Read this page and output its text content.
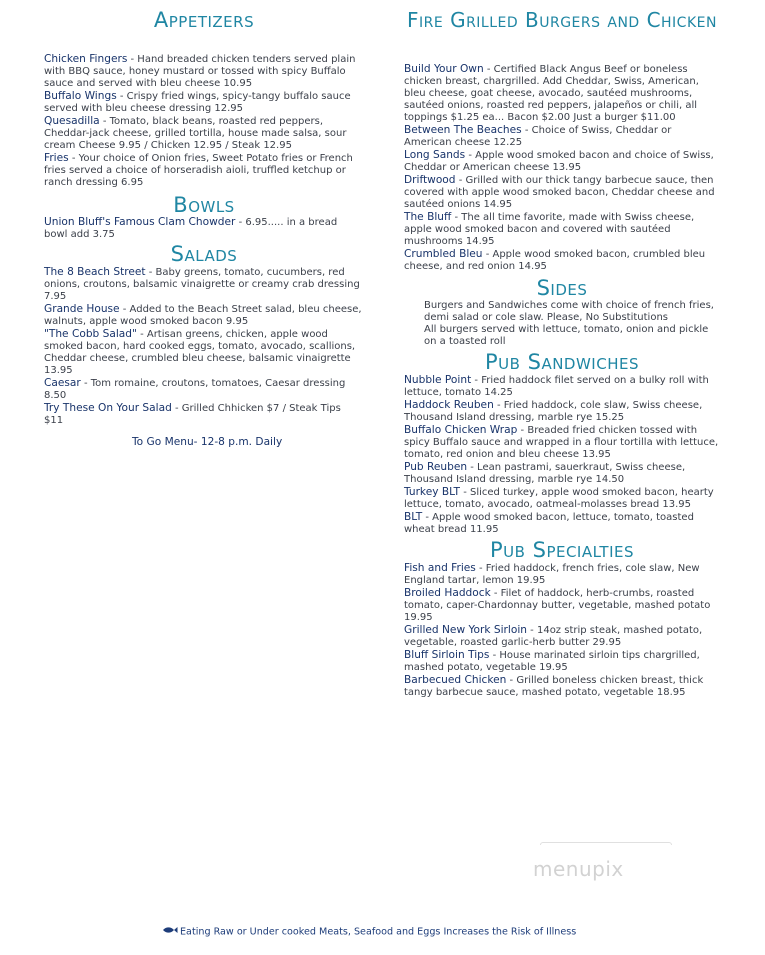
Appetizers

Chicken Fingers - Hand breaded chicken tenders served plain with BBQ sauce, honey mustard or tossed with spicy Buffalo sauce and served with bleu cheese 10.95

Buffalo Wings - Crispy fried wings, spicy-tangy buffalo sauce served with bleu cheese dressing 12.95

Quesadilla - Tomato, black beans, roasted red peppers, Cheddar-jack cheese, grilled tortilla, house made salsa, sour cream Cheese 9.95 / Chicken 12.95 / Steak 12.95

Fries - Your choice of Onion fries, Sweet Potato fries or French fries served a choice of horseradish aioli, truffled ketchup or ranch dressing 6.95

Bowls

Union Bluff's Famous Clam Chowder - 6.95..... in a bread bowl add 3.75

Salads

The 8 Beach Street - Baby greens, tomato, cucumbers, red onions, croutons, balsamic vinaigrette or creamy crab dressing 7.95

Grande House - Added to the Beach Street salad, bleu cheese, walnuts, apple wood smoked bacon 9.95

"The Cobb Salad" - Artisan greens, chicken, apple wood smoked bacon, hard cooked eggs, tomato, avocado, scallions, Cheddar cheese, crumbled bleu cheese, balsamic vinaigrette 13.95

Caesar - Tom romaine, croutons, tomatoes, Caesar dressing 8.50

Try These On Your Salad - Grilled Chhicken $7 / Steak Tips $11

To Go Menu- 12-8 p.m. Daily
Fire Grilled Burgers and Chicken

Build Your Own - Certified Black Angus Beef or boneless chicken breast, chargrilled. Add Cheddar, Swiss, American, bleu cheese, goat cheese, avocado, sautéed mushrooms, sautéed onions, roasted red peppers, jalapeños or chili, all toppings $1.25 ea... Bacon $2.00 Just a burger $11.00

Between The Beaches - Choice of Swiss, Cheddar or American cheese 12.25

Long Sands - Apple wood smoked bacon and choice of Swiss, Cheddar or American cheese 13.95

Driftwood - Grilled with our thick tangy barbecue sauce, then covered with apple wood smoked bacon, Cheddar cheese and sautéed onions 14.95

The Bluff - The all time favorite, made with Swiss cheese, apple wood smoked bacon and covered with sautéed mushrooms 14.95

Crumbled Bleu - Apple wood smoked bacon, crumbled bleu cheese, and red onion 14.95

Sides

Burgers and Sandwiches come with choice of french fries, demi salad or cole slaw. Please, No Substitutions

All burgers served with lettuce, tomato, onion and pickle on a toasted roll

Pub Sandwiches

Nubble Point - Fried haddock filet served on a bulky roll with lettuce, tomato 14.25

Haddock Reuben - Fried haddock, cole slaw, Swiss cheese, Thousand Island dressing, marble rye 15.25

Buffalo Chicken Wrap - Breaded fried chicken tossed with spicy Buffalo sauce and wrapped in a flour tortilla with lettuce, tomato, red onion and bleu cheese 13.95

Pub Reuben - Lean pastrami, sauerkraut, Swiss cheese, Thousand Island dressing, marble rye 14.50

Turkey BLT - Sliced turkey, apple wood smoked bacon, hearty lettuce, tomato, avocado, oatmeal-molasses bread 13.95

BLT - Apple wood smoked bacon, lettuce, tomato, toasted wheat bread 11.95

Pub Specialties

Fish and Fries - Fried haddock, french fries, cole slaw, New England tartar, lemon 19.95

Broiled Haddock - Filet of haddock, herb-crumbs, roasted tomato, caper-Chardonnay butter, vegetable, mashed potato 19.95

Grilled New York Sirloin - 14oz strip steak, mashed potato, vegetable, roasted garlic-herb butter 29.95

Bluff Sirloin Tips - House marinated sirloin tips chargrilled, mashed potato, vegetable 19.95

Barbecued Chicken - Grilled boneless chicken breast, thick tangy barbecue sauce, mashed potato, vegetable 18.95

menupix
Eating Raw or Under cooked Meats, Seafood and Eggs Increases the Risk of Illness
